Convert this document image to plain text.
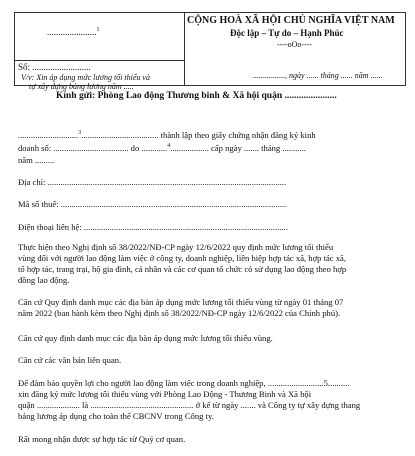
......................$^1$
Số: ..........................
V/v: Xin áp dụng mức lương tối thiểu và
tự xây dựng bảng lương năm .....
CỘNG HOÀ XÃ HỘI CHỦ NGHĨA VIỆT NAM
Độc lập – Tự do – Hạnh Phúc
----oOo----
................, ngày ...... tháng ...... năm ......
Kính gửi: Phòng Lao động Thương binh & Xã hội quận ......................
............................$^3$.................................... thành lập theo giấy chứng nhận đăng ký kinh
doanh số: ................................... do ............$^4$.................. cấp ngày ....... tháng ...........
năm .........
Địa chỉ: ...............................................................................................................
Mã số thuế: .........................................................................................................
Điện thoại liên hệ: ...............................................................................................
Thực hiện theo Nghị định số 38/2022/NĐ-CP ngày 12/6/2022 quy định mức lương tối thiểu
vùng đối với người lao động làm việc ở công ty, doanh nghiệp, liên hiệp hợp tác xã, hợp tác xã,
tổ hợp tác, trang trại, hộ gia đình, cá nhân và các cơ quan tổ chức có sử dụng lao động theo hợp
đồng lao động.
Căn cứ Quy định danh mục các địa bàn áp dụng mức lương tối thiểu vùng từ ngày 01 tháng 07
năm 2022 (ban hành kèm theo Nghị định số 38/2022/NĐ-CP ngày 12/6/2022 của Chính phủ).
Căn cứ quy định danh mục các địa bàn áp dụng mức lương tối thiểu vùng.
Căn cứ các văn bản liên quan.
Để đảm bảo quyền lợi cho người lao động làm việc trong doanh nghiệp, ..........................5..........
xin đăng ký mức lương tối thiểu vùng với Phòng Lao Động - Thương Binh và Xã hội
quận .................... là ................................................ ở kể từ ngày ....... và Công ty tự xây dựng thang
bảng lương áp dụng cho toàn thể CBCNV trong Công ty.
Rất mong nhận được sự hợp tác từ Quý cơ quan.
